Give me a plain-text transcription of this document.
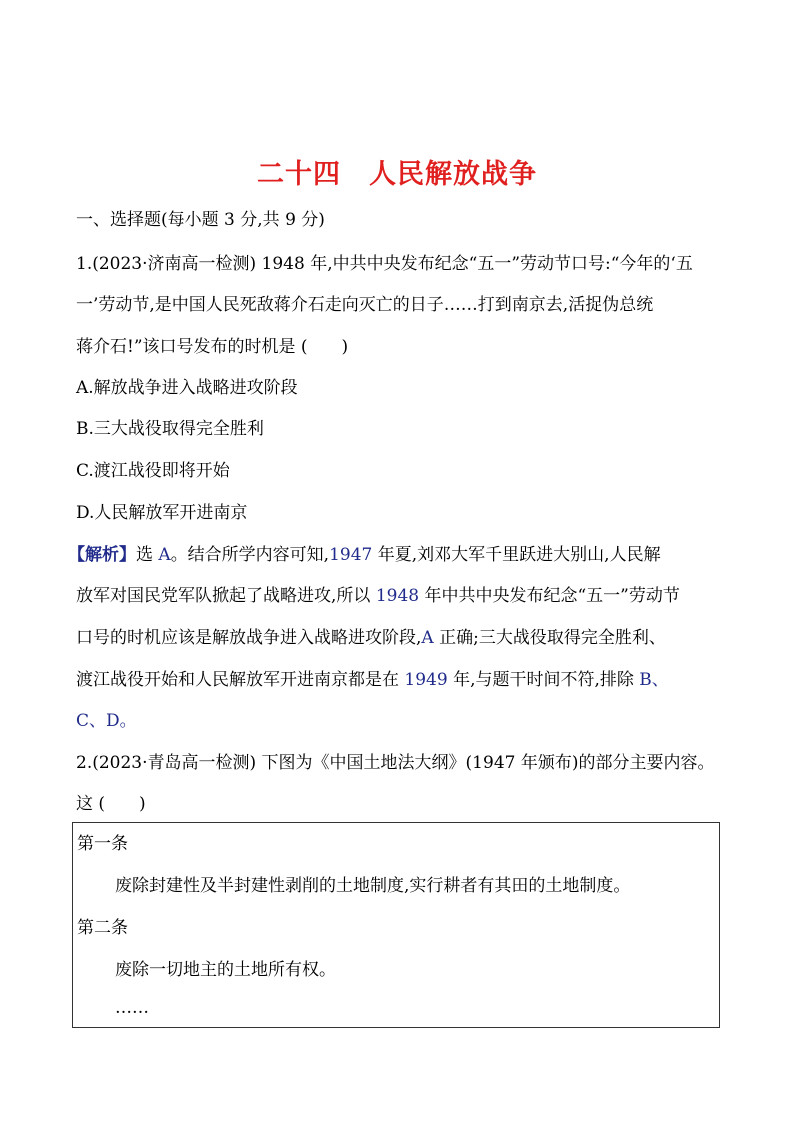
二十四　人民解放战争
一、选择题(每小题 3 分,共 9 分)
1.(2023·济南高一检测) 1948 年,中共中央发布纪念“五一”劳动节口号:“今年的‘五
一’劳动节,是中国人民死敌蒋介石走向灭亡的日子……打到南京去,活捉伪总统
蒋介石!”该口号发布的时机是 (　　)
A.解放战争进入战略进攻阶段
B.三大战役取得完全胜利
C.渡江战役即将开始
D.人民解放军开进南京
【解析】选 A。结合所学内容可知,1947 年夏,刘邓大军千里跃进大别山,人民解
放军对国民党军队掀起了战略进攻,所以 1948 年中共中央发布纪念“五一”劳动节
口号的时机应该是解放战争进入战略进攻阶段,A 正确;三大战役取得完全胜利、
渡江战役开始和人民解放军开进南京都是在 1949 年,与题干时间不符,排除 B、
C、D。
2.(2023·青岛高一检测) 下图为《中国土地法大纲》(1947 年颁布)的部分主要内容。
这 (　　)
第一条
废除封建性及半封建性剥削的土地制度,实行耕者有其田的土地制度。
第二条
废除一切地主的土地所有权。
……
